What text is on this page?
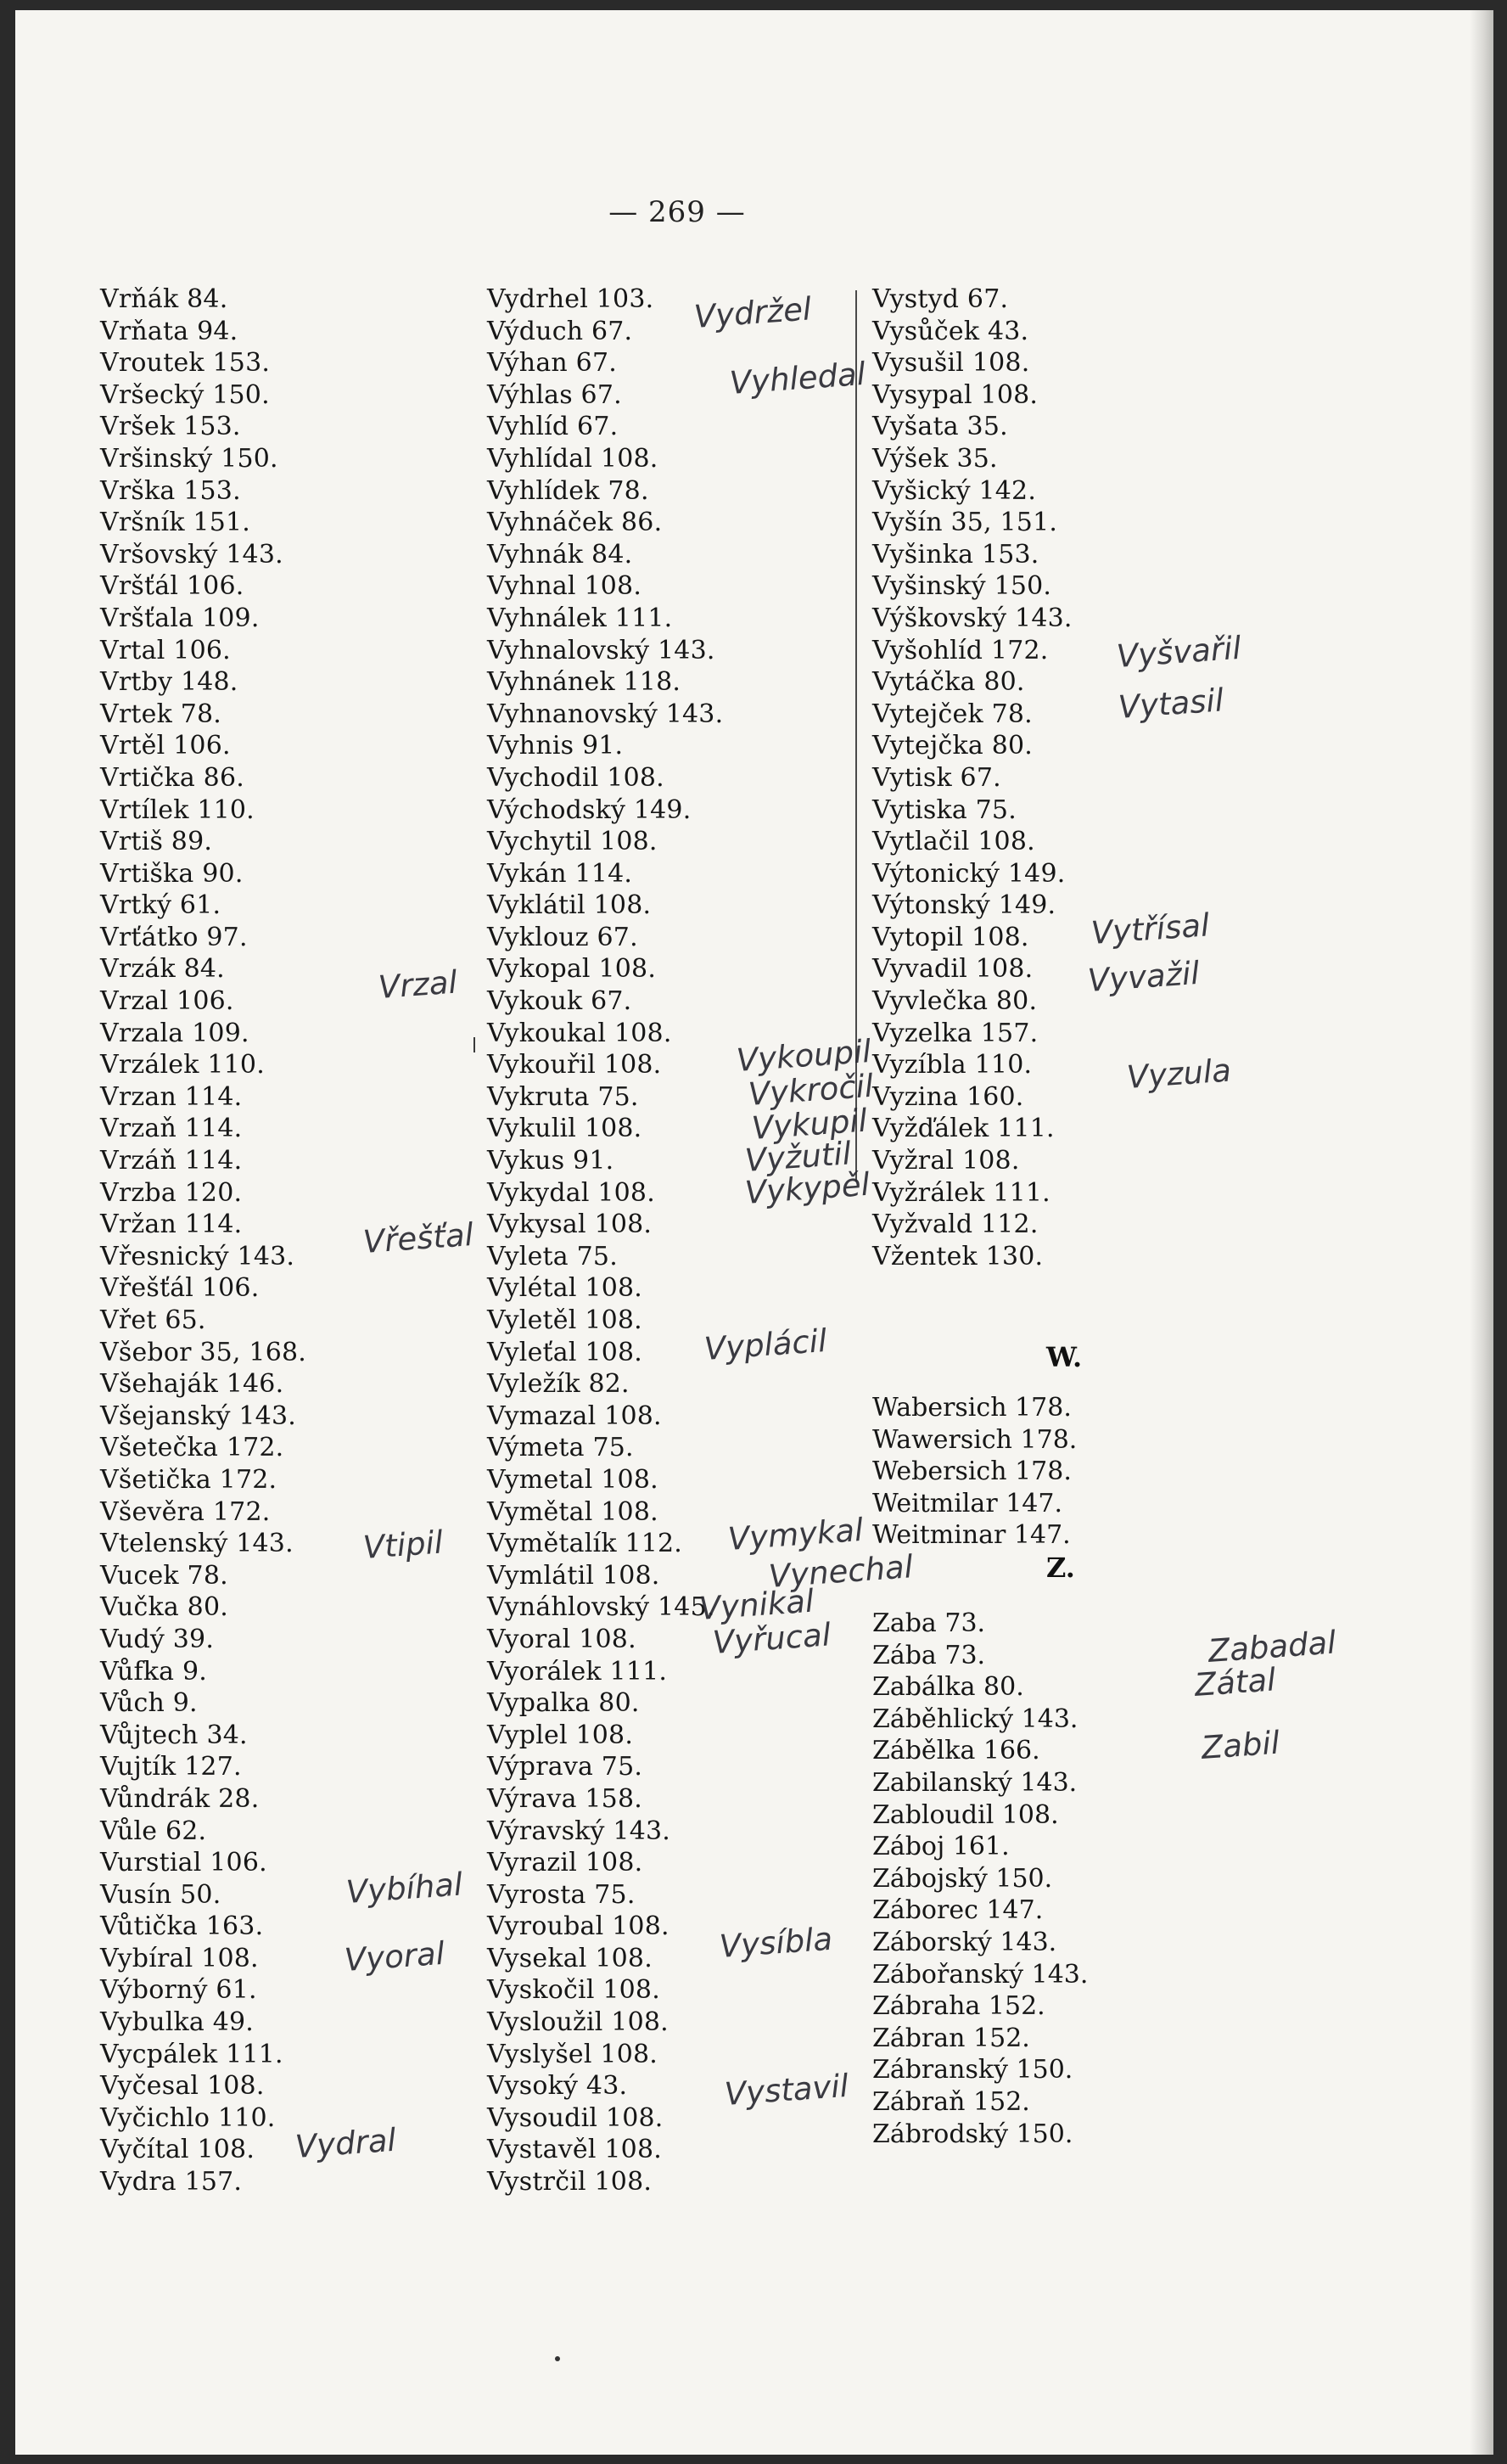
— 269 —
Vrňák 84.
Vrňata 94.
Vroutek 153.
Vršecký 150.
Vršek 153.
Vršinský 150.
Vrška 153.
Vršník 151.
Vršovský 143.
Vršťál 106.
Vršťala 109.
Vrtal 106.
Vrtby 148.
Vrtek 78.
Vrtěl 106.
Vrtička 86.
Vrtílek 110.
Vrtiš 89.
Vrtiška 90.
Vrtký 61.
Vrťátko 97.
Vrzák 84.
Vrzal 106.
Vrzala 109.
Vrzálek 110.
Vrzan 114.
Vrzaň 114.
Vrzáň 114.
Vrzba 120.
Vržan 114.
Vřesnický 143.
Vřešťál 106.
Vřet 65.
Všebor 35, 168.
Všehaják 146.
Všejanský 143.
Všetečka 172.
Všetička 172.
Vševěra 172.
Vtelenský 143.
Vucek 78.
Vučka 80.
Vudý 39.
Vůfka 9.
Vůch 9.
Vůjtech 34.
Vujtík 127.
Vůndrák 28.
Vůle 62.
Vurstial 106.
Vusín 50.
Vůtička 163.
Vybíral 108.
Výborný 61.
Vybulka 49.
Vycpálek 111.
Vyčesal 108.
Vyčichlo 110.
Vyčítal 108.
Vydra 157.
Vydrhel 103.
Výduch 67.
Výhan 67.
Výhlas 67.
Vyhlíd 67.
Vyhlídal 108.
Vyhlídek 78.
Vyhnáček 86.
Vyhnák 84.
Vyhnal 108.
Vyhnálek 111.
Vyhnalovský 143.
Vyhnánek 118.
Vyhnanovský 143.
Vyhnis 91.
Vychodil 108.
Východský 149.
Vychytil 108.
Vykán 114.
Vyklátil 108.
Vyklouz 67.
Vykopal 108.
Vykouk 67.
Vykoukal 108.
Vykouřil 108.
Vykruta 75.
Vykulil 108.
Vykus 91.
Vykydal 108.
Vykysal 108.
Vyleta 75.
Vylétal 108.
Vyletěl 108.
Vyleťal 108.
Vyležík 82.
Vymazal 108.
Výmeta 75.
Vymetal 108.
Vymětal 108.
Vymětalík 112.
Vymlátil 108.
Vynáhlovský 145.
Vyoral 108.
Vyorálek 111.
Vypalka 80.
Vyplel 108.
Výprava 75.
Výrava 158.
Výravský 143.
Vyrazil 108.
Vyrosta 75.
Vyroubal 108.
Vysekal 108.
Vyskočil 108.
Vysloužil 108.
Vyslyšel 108.
Vysoký 43.
Vysoudil 108.
Vystavěl 108.
Vystrčil 108.
Vystyd 67.
Vysůček 43.
Vysušil 108.
Vysypal 108.
Vyšata 35.
Výšek 35.
Vyšický 142.
Vyšín 35, 151.
Vyšinka 153.
Vyšinský 150.
Výškovský 143.
Vyšohlíd 172.
Vytáčka 80.
Vytejček 78.
Vytejčka 80.
Vytisk 67.
Vytiska 75.
Vytlačil 108.
Výtonický 149.
Výtonský 149.
Vytopil 108.
Vyvadil 108.
Vyvlečka 80.
Vyzelka 157.
Vyzíbla 110.
Vyzina 160.
Vyžďálek 111.
Vyžral 108.
Vyžrálek 111.
Vyžvald 112.
Vžentek 130.
W.
Wabersich 178.
Wawersich 178.
Webersich 178.
Weitmilar 147.
Weitminar 147.
Z.
Zaba 73.
Zába 73.
Zabálka 80.
Záběhlický 143.
Zábělka 166.
Zabilanský 143.
Zabloudil 108.
Záboj 161.
Zábojský 150.
Záborec 147.
Záborský 143.
Zábořanský 143.
Zábraha 152.
Zábran 152.
Zábranský 150.
Zábraň 152.
Zábrodský 150.
Vrzal
Vřešťal
Vtipil
Vybíhal
Vyoral
Vydral
Vydržel
Vyhledal
Vykoupil
Vykročil
Vykupil
Vyžutil
Vykypěl
Vyplácil
Vymykal
Vynechal
Vynikal
Vyřucal
Vysíbla
Vystavil
Vyšvařil
Vytasil
Vytřísal
Vyvažil
Vyzula
Zabadal
Zátal
Zabil
